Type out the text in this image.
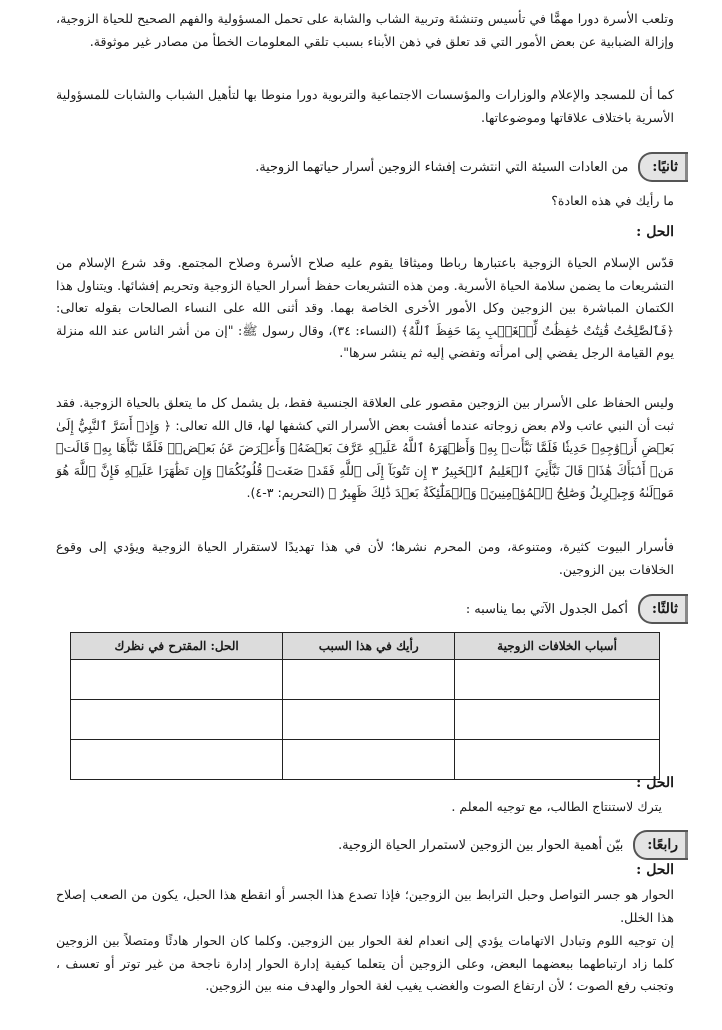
وتلعب الأسرة دورا مهمًّا في تأسيس وتنشئة وتربية الشاب والشابة على تحمل المسؤولية والفهم الصحيح للحياة الزوجية، وإزالة الضبابية عن بعض الأمور التي قد تعلق في ذهن الأبناء بسبب تلقي المعلومات الخطأ من مصادر غير موثوقة.

كما أن للمسجد والإعلام والوزارات والمؤسسات الاجتماعية والتربوية دورا منوطا بها لتأهيل الشباب والشابات للمسؤولية الأسرية باختلاف علاقاتها وموضوعاتها.

ثانيًا:
من العادات السيئة التي انتشرت إفشاء الزوجين أسرار حياتهما الزوجية.

ما رأيك في هذه العادة؟

الحل :

قدّس الإسلام الحياة الزوجية باعتبارها رباطا وميثاقا يقوم عليه صلاح الأسرة وصلاح المجتمع. وقد شرع الإسلام من التشريعات ما يضمن سلامة الحياة الأسرية. ومن هذه التشريعات حفظ أسرار الحياة الزوجية وتحريم إفشائها. ويتناول هذا الكتمان المباشرة بين الزوجين وكل الأمور الأخرى الخاصة بهما. وقد أثنى الله على النساء الصالحات بقوله تعالى: ﴿فَٱلصَّٰلِحَٰتُ قَٰنِتَٰتٌ حَٰفِظَٰتٌ لِّلۡغَيۡبِ بِمَا حَفِظَ ٱللَّهُ﴾ (النساء: ٣٤)، وقال رسول ﷺ: "إن من أشر الناس عند الله منزلة يوم القيامة الرجل يفضي إلى امرأته وتفضي إليه ثم ينشر سرها".

وليس الحفاظ على الأسرار بين الزوجين مقصور على العلاقة الجنسية فقط، بل يشمل كل ما يتعلق بالحياة الزوجية. فقد ثبت أن النبي عاتب ولام بعض زوجاته عندما أفشت بعض الأسرار التي كشفها لها، قال الله تعالى: ﴿ وَإِذۡ أَسَرَّ ٱلنَّبِيُّ إِلَىٰ بَعۡضِ أَزۡوَٰجِهِۦ حَدِيثٗا فَلَمَّا نَبَّأَتۡ بِهِۦ وَأَظۡهَرَهُ ٱللَّهُ عَلَيۡهِ عَرَّفَ بَعۡضَهُۥ وَأَعۡرَضَ عَنۢ بَعۡضٖۖ فَلَمَّا نَبَّأَهَا بِهِۦ قَالَتۡ مَنۡ أَنۢبَأَكَ هَٰذَاۖ قَالَ نَبَّأَنِيَ ٱلۡعَلِيمُ ٱلۡخَبِيرُ ٣ إِن تَتُوبَآ إِلَى ٱللَّهِ فَقَدۡ صَغَتۡ قُلُوبُكُمَاۖ وَإِن تَظَٰهَرَا عَلَيۡهِ فَإِنَّ ٱللَّهَ هُوَ مَوۡلَىٰهُ وَجِبۡرِيلُ وَصَٰلِحُ ٱلۡمُؤۡمِنِينَۖ وَٱلۡمَلَٰٓئِكَةُ بَعۡدَ ذَٰلِكَ ظَهِيرٌ ﴾ (التحريم: ٣-٤).

فأسرار البيوت كثيرة، ومتنوعة، ومن المحرم نشرها؛ لأن في هذا تهديدًا لاستقرار الحياة الزوجية ويؤدي إلى وقوع الخلافات بين الزوجين.

ثالثًا:
أكمل الجدول الآتي بما يناسبه :
أسباب الخلافات الزوجية	رأيك في هذا السبب	الحل: المقترح في نظرك

الحل :

يترك لاستنتاج الطالب، مع توجيه المعلم .

رابعًا:
بيّن أهمية الحوار بين الزوجين لاستمرار الحياة الزوجية.

الحل :

الحوار هو جسر التواصل وحبل الترابط بين الزوجين؛ فإذا تصدع هذا الجسر أو انقطع هذا الحبل، يكون من الصعب إصلاح هذا الخلل.

إن توجيه اللوم وتبادل الاتهامات يؤدي إلى انعدام لغة الحوار بين الزوجين. وكلما كان الحوار هادئًا ومتصلاً بين الزوجين كلما زاد ارتباطهما ببعضهما البعض، وعلى الزوجين أن يتعلما كيفية إدارة الحوار إدارة ناجحة من غير توتر أو تعسف ، وتجنب رفع الصوت ؛ لأن ارتفاع الصوت والغضب يغيب لغة الحوار والهدف منه بين الزوجين.
